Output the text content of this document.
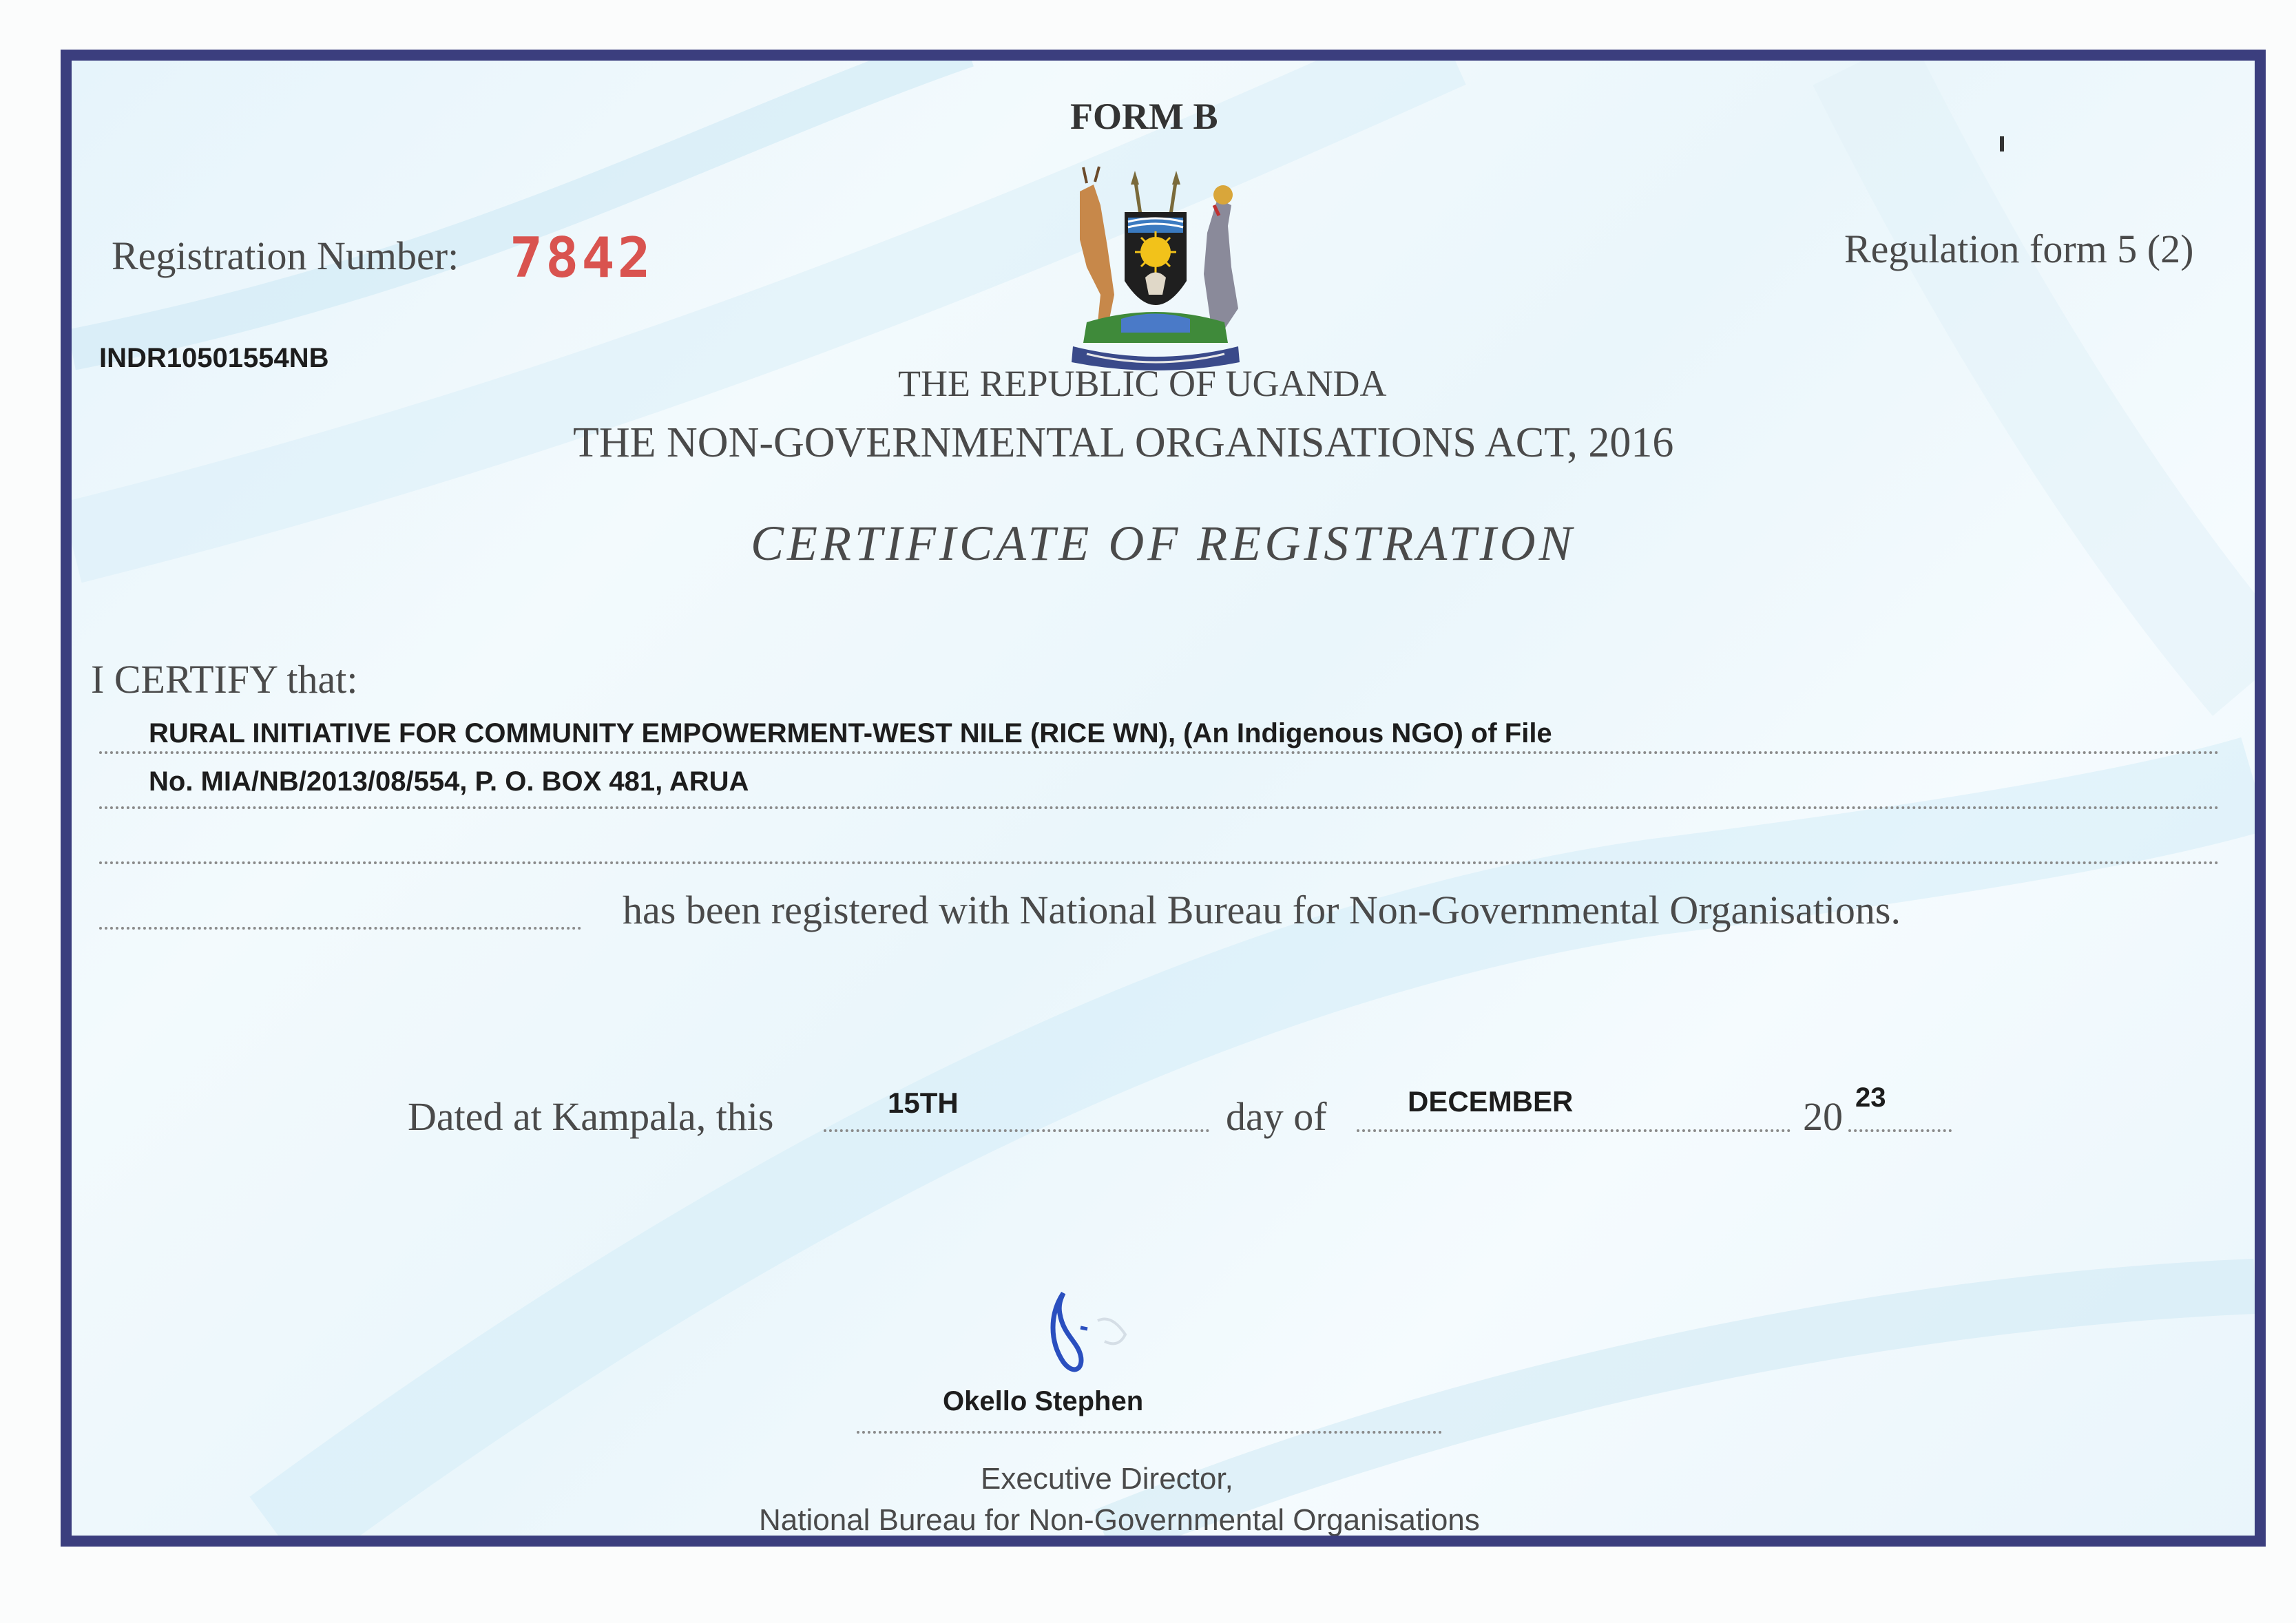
FORM B
Registration Number: 7842
INDR10501554NB
Regulation form 5 (2)
THE REPUBLIC OF UGANDA
THE NON-GOVERNMENTAL ORGANISATIONS ACT, 2016
CERTIFICATE OF REGISTRATION
I CERTIFY that:
RURAL INITIATIVE FOR COMMUNITY EMPOWERMENT-WEST NILE (RICE WN), (An Indigenous NGO) of File
No. MIA/NB/2013/08/554, P. O. BOX 481, ARUA
has been registered with National Bureau for Non-Governmental Organisations.
Dated at Kampala, this	15TH	day of	DECEMBER	20 23
Okello Stephen
Executive Director,
National Bureau for Non-Governmental Organisations
